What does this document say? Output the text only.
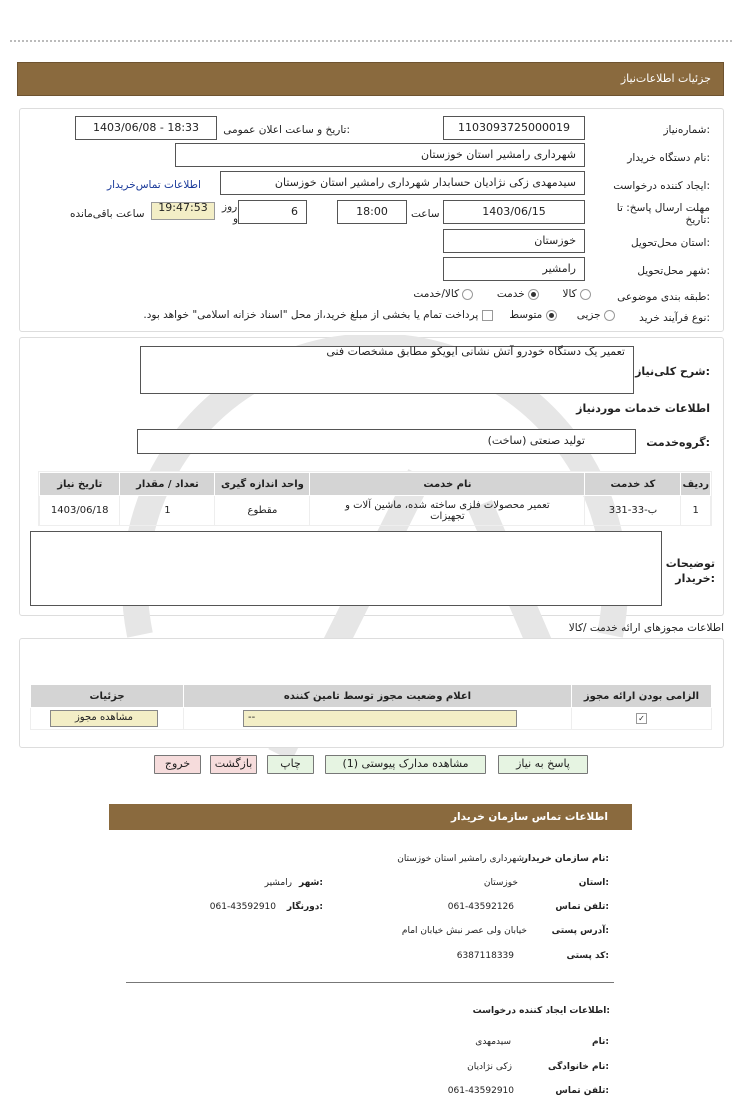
جزئیات اطلاعات‌نیاز
شماره‌نیاز:
1103093725000019
تاریخ و ساعت اعلان عمومی:
1403/06/08 - 18:33
نام دستگاه خریدار:
شهرداری رامشیر استان خوزستان
ایجاد کننده درخواست:
سیدمهدی زکی نژادیان حسابدار شهرداری رامشیر استان خوزستان
اطلاعات تماس‌خریدار
مهلت ارسال پاسخ: تا
تاریخ:
1403/06/15
ساعت
18:00
6
روز
و
19:47:53
ساعت باقی‌مانده
استان محل‌تحویل:
خوزستان
شهر محل‌تحویل:
رامشیر
طبقه بندی موضوعی:
کالا        خدمت        کالا/خدمت
نوع فرآیند خرید:
جزیی       متوسط      پرداخت تمام یا بخشی از مبلغ خرید،از محل "اسناد خزانه اسلامی" خواهد بود.
شرح کلی‌نیاز:
تعمیر یک دستگاه خودرو آتش نشانی ایویکو مطابق مشخصات فنی
اطلاعات خدمات موردنیاز
گروه‌خدمت:
تولید صنعتی (ساخت)
ردیف	کد خدمت	نام خدمت	واحد اندازه گیری	تعداد / مقدار	تاریخ نیاز
1	ب-33-331	تعمیر محصولات فلزی ساخته شده، ماشین آلات و تجهیزات	مقطوع	1	1403/06/18
توضیحات خریدار:
اطلاعات مجوزهای ارائه خدمت /کالا
الزامی بودن ارائه مجوز	اعلام وضعیت مجوز توسط تامین کننده	جزئیات
✓	--	مشاهده مجوز
پاسخ به نیاز
مشاهده مدارک پیوستی (1)
چاپ
بازگشت
خروج
اطلاعات تماس سازمان خریدار
نام سازمان خریدار:
شهرداری رامشیر استان خوزستان
استان:
خوزستان
شهر:
رامشیر
تلفن تماس:
061-43592126
دورنگار:
061-43592910
آدرس پستی:
خیابان ولی عصر نبش خیابان امام
کد پستی:
6387118339
اطلاعات ایجاد کننده درخواست:
نام:
سیدمهدی
نام خانوادگی:
زکی نژادیان
تلفن تماس:
061-43592910
